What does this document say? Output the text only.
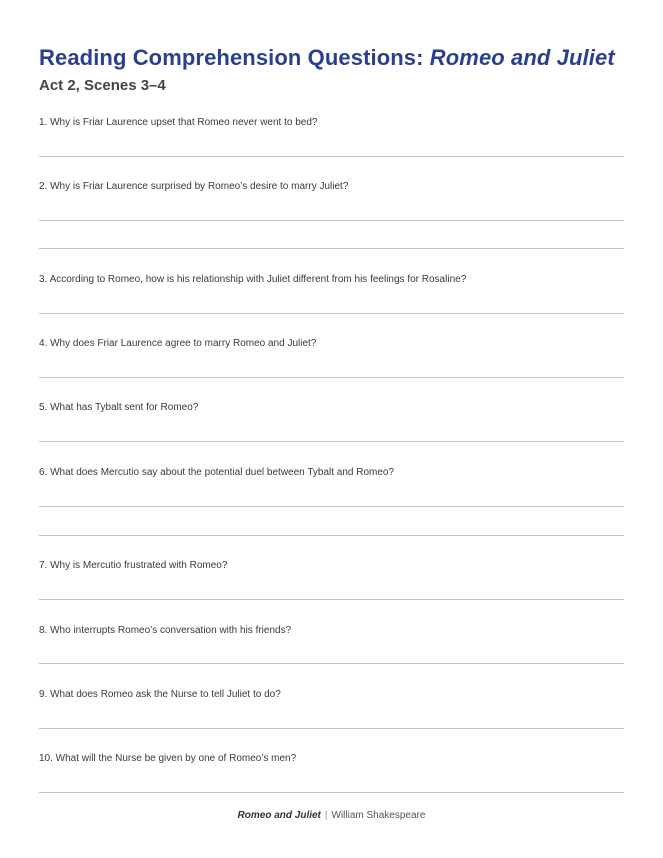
Reading Comprehension Questions: Romeo and Juliet
Act 2, Scenes 3–4
1. Why is Friar Laurence upset that Romeo never went to bed?
2. Why is Friar Laurence surprised by Romeo’s desire to marry Juliet?
3. According to Romeo, how is his relationship with Juliet different from his feelings for Rosaline?
4. Why does Friar Laurence agree to marry Romeo and Juliet?
5. What has Tybalt sent for Romeo?
6. What does Mercutio say about the potential duel between Tybalt and Romeo?
7. Why is Mercutio frustrated with Romeo?
8. Who interrupts Romeo’s conversation with his friends?
9. What does Romeo ask the Nurse to tell Juliet to do?
10. What will the Nurse be given by one of Romeo’s men?
Romeo and Juliet | William Shakespeare
